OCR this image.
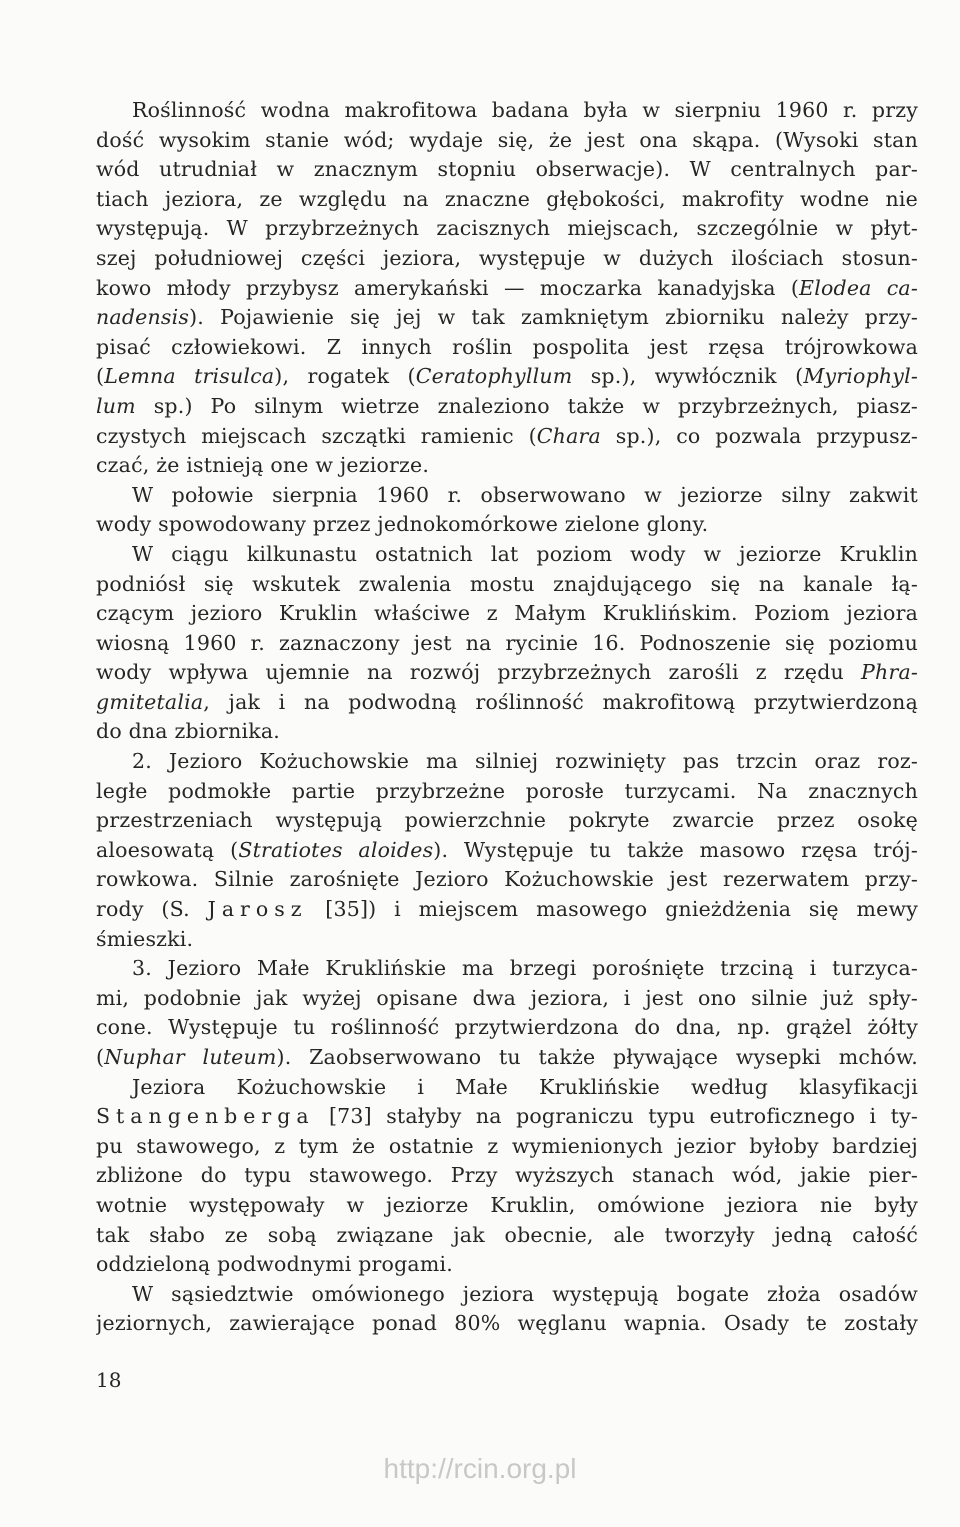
Roślinność wodna makrofitowa badana była w sierpniu 1960 r. przy
dość wysokim stanie wód; wydaje się, że jest ona skąpa. (Wysoki stan
wód utrudniał w znacznym stopniu obserwacje). W centralnych par-
tiach jeziora, ze względu na znaczne głębokości, makrofity wodne nie
występują. W przybrzeżnych zacisznych miejscach, szczególnie w płyt-
szej południowej części jeziora, występuje w dużych ilościach stosun-
kowo młody przybysz amerykański — moczarka kanadyjska (Elodea ca-
nadensis). Pojawienie się jej w tak zamkniętym zbiorniku należy przy-
pisać człowiekowi. Z innych roślin pospolita jest rzęsa trójrowkowa
(Lemna trisulca), rogatek (Ceratophyllum sp.), wywłócznik (Myriophyl-
lum sp.) Po silnym wietrze znaleziono także w przybrzeżnych, piasz-
czystych miejscach szczątki ramienic (Chara sp.), co pozwala przypusz-
czać, że istnieją one w jeziorze.
W połowie sierpnia 1960 r. obserwowano w jeziorze silny zakwit
wody spowodowany przez jednokomórkowe zielone glony.
W ciągu kilkunastu ostatnich lat poziom wody w jeziorze Kruklin
podniósł się wskutek zwalenia mostu znajdującego się na kanale łą-
czącym jezioro Kruklin właściwe z Małym Kruklińskim. Poziom jeziora
wiosną 1960 r. zaznaczony jest na rycinie 16. Podnoszenie się poziomu
wody wpływa ujemnie na rozwój przybrzeżnych zarośli z rzędu Phra-
gmitetalia, jak i na podwodną roślinność makrofitową przytwierdzoną
do dna zbiornika.
2. Jezioro Kożuchowskie ma silniej rozwinięty pas trzcin oraz roz-
ległe podmokłe partie przybrzeżne porosłe turzycami. Na znacznych
przestrzeniach występują powierzchnie pokryte zwarcie przez osokę
aloesowatą (Stratiotes aloides). Występuje tu także masowo rzęsa trój-
rowkowa. Silnie zarośnięte Jezioro Kożuchowskie jest rezerwatem przy-
rody (S. Jarosz [35]) i miejscem masowego gnieżdżenia się mewy
śmieszki.
3. Jezioro Małe Kruklińskie ma brzegi porośnięte trzciną i turzyca-
mi, podobnie jak wyżej opisane dwa jeziora, i jest ono silnie już spły-
cone. Występuje tu roślinność przytwierdzona do dna, np. grążel żółty
(Nuphar luteum). Zaobserwowano tu także pływające wysepki mchów.
Jeziora Kożuchowskie i Małe Kruklińskie według klasyfikacji
Stangenberga [73] stałyby na pograniczu typu eutroficznego i ty-
pu stawowego, z tym że ostatnie z wymienionych jezior byłoby bardziej
zbliżone do typu stawowego. Przy wyższych stanach wód, jakie pier-
wotnie występowały w jeziorze Kruklin, omówione jeziora nie były
tak słabo ze sobą związane jak obecnie, ale tworzyły jedną całość
oddzieloną podwodnymi progami.
W sąsiedztwie omówionego jeziora występują bogate złoża osadów
jeziornych, zawierające ponad 80% węglanu wapnia. Osady te zostały
18
http://rcin.org.pl
